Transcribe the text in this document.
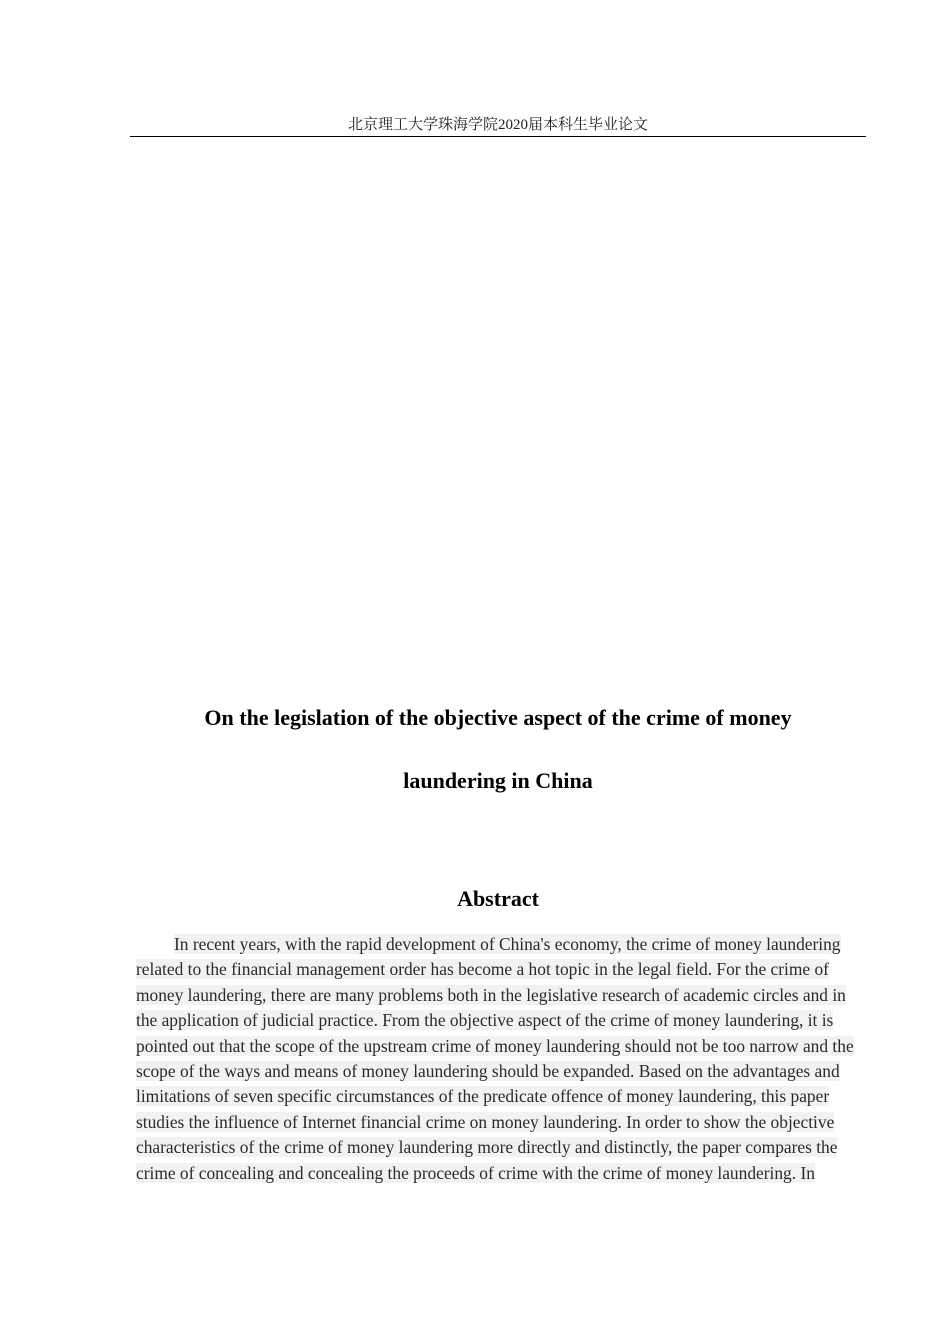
北京理工大学珠海学院2020届本科生毕业论文
On the legislation of the objective aspect of the crime of money
laundering in China
Abstract

In recent years, with the rapid development of China's economy, the crime of money laundering related to the financial management order has become a hot topic in the legal field. For the crime of money laundering, there are many problems both in the legislative research of academic circles and in the application of judicial practice. From the objective aspect of the crime of money laundering, it is pointed out that the scope of the upstream crime of money laundering should not be too narrow and the scope of the ways and means of money laundering should be expanded. Based on the advantages and limitations of seven specific circumstances of the predicate offence of money laundering, this paper studies the influence of Internet financial crime on money laundering. In order to show the objective characteristics of the crime of money laundering more directly and distinctly, the paper compares the crime of concealing and concealing the proceeds of crime with the crime of money laundering. In
